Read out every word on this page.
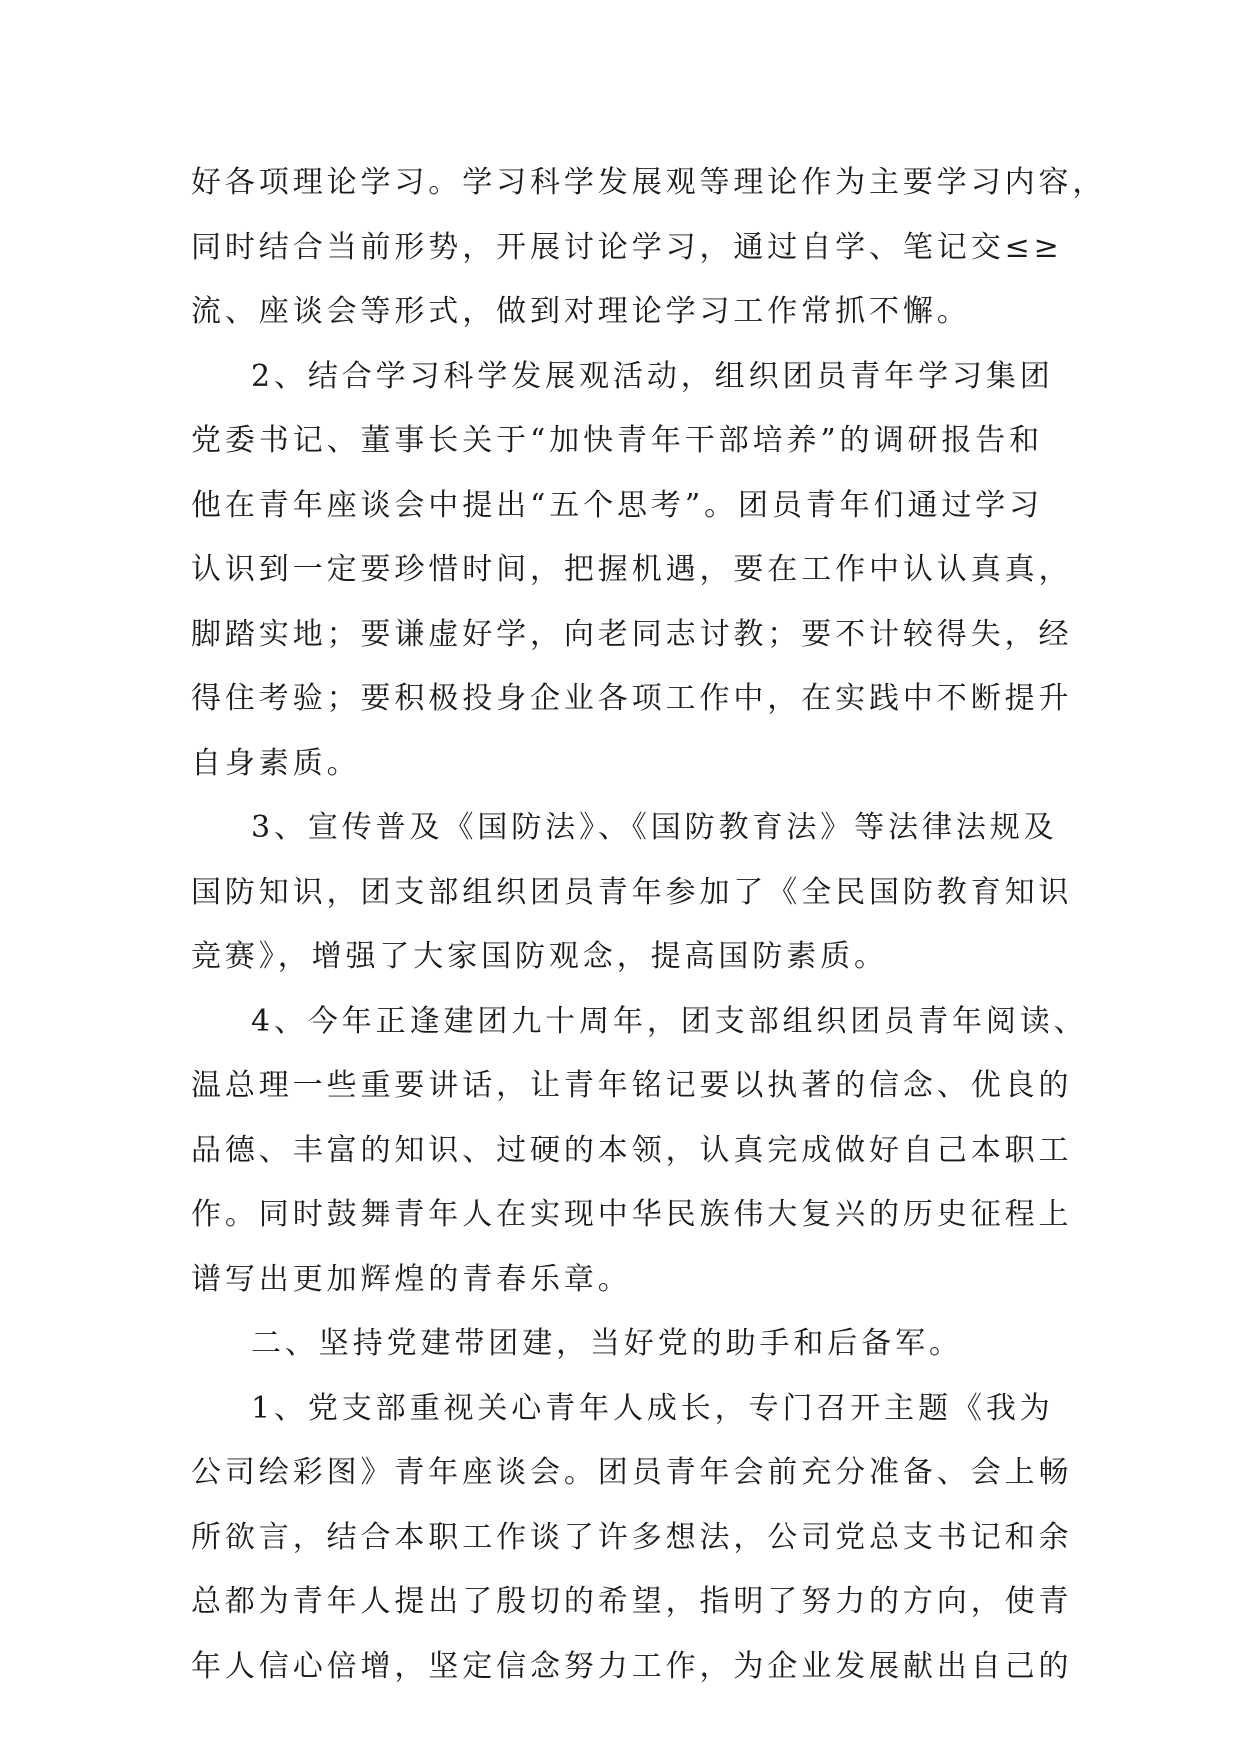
好各项理论学习。学习科学发展观等理论作为主要学习内容，
同时结合当前形势，开展讨论学习，通过自学、笔记交≤≥
流、座谈会等形式，做到对理论学习工作常抓不懈。
2、结合学习科学发展观活动，组织团员青年学习集团
党委书记、董事长关于“加快青年干部培养”的调研报告和
他在青年座谈会中提出“五个思考”。团员青年们通过学习
认识到一定要珍惜时间，把握机遇，要在工作中认认真真，
脚踏实地；要谦虚好学，向老同志讨教；要不计较得失，经
得住考验；要积极投身企业各项工作中，在实践中不断提升
自身素质。
3、宣传普及《国防法》、《国防教育法》等法律法规及
国防知识，团支部组织团员青年参加了《全民国防教育知识
竞赛》，增强了大家国防观念，提高国防素质。
4、今年正逢建团九十周年，团支部组织团员青年阅读、
温总理一些重要讲话，让青年铭记要以执著的信念、优良的
品德、丰富的知识、过硬的本领，认真完成做好自己本职工
作。同时鼓舞青年人在实现中华民族伟大复兴的历史征程上
谱写出更加辉煌的青春乐章。
二、坚持党建带团建，当好党的助手和后备军。
1、党支部重视关心青年人成长，专门召开主题《我为
公司绘彩图》青年座谈会。团员青年会前充分准备、会上畅
所欲言，结合本职工作谈了许多想法，公司党总支书记和余
总都为青年人提出了殷切的希望，指明了努力的方向，使青
年人信心倍增，坚定信念努力工作，为企业发展献出自己的
